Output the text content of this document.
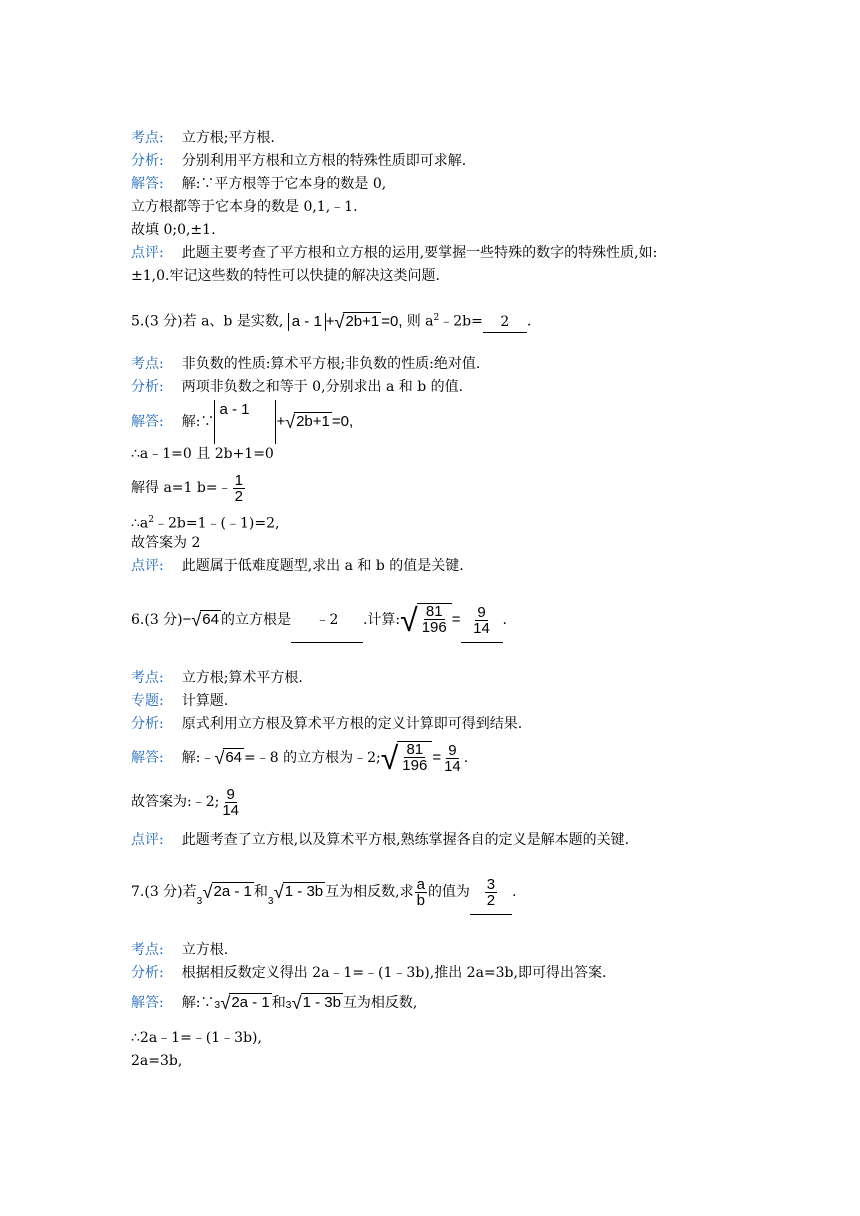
考点: 立方根;平方根.
分析: 分别利用平方根和立方根的特殊性质即可求解.
解答: 解:∵平方根等于它本身的数是 0,
立方根都等于它本身的数是 0,1,﹣1.
故填 0;0,±1.
点评: 此题主要考查了平方根和立方根的运用,要掌握一些特殊的数字的特殊性质,如:
±1,0.牢记这些数的特性可以快捷的解决这类问题.
5.(3 分)若 a、b 是实数, a - 1 + √ 2b+1 =0, 则 $a^2﹣2b= 2$ .
考点: 非负数的性质:算术平方根;非负数的性质:绝对值.
分析: 两项非负数之和等于 0,分别求出 a 和 b 的值.
解答: 解:∵
a - 1
+ √ 2b+1 =0,
∴a﹣1=0 且 2b+1=0
解得 a=1 b=﹣ $\frac{1}{2}$
$\therefore a^2﹣2b=1﹣(﹣1)=2$,
故答案为 2
点评: 此题属于低难度题型,求出 a 和 b 的值是关键.
6.(3 分)− √ 64 的立方根是 ﹣2 .计算: √ $\frac{81}{196} = \frac{9}{14}$ .
考点: 立方根;算术平方根.
专题: 计算题.
分析: 原式利用立方根及算术平方根的定义计算即可得到结果.
解答: 解:﹣ √ 64 =﹣8 的立方根为﹣2; √ $\frac{81}{196} = \frac{9}{14}$ .
故答案为:﹣2; $\frac{9}{14}$
点评: 此题考查了立方根,以及算术平方根,熟练掌握各自的定义是解本题的关键.
7.(3 分)若
3 √ 2a - 1 和
3 √ 1 - 3b 互为相反数,求 $\frac{a}{b}$ 的值为 $\frac{3}{2}$ .
考点: 立方根.
分析: 根据相反数定义得出 2a﹣1=﹣(1﹣3b),推出 2a=3b,即可得出答案.
解答: 解:∵ 3 √ 2a - 1 和 3 √ 1 - 3b 互为相反数,
∴2a﹣1=﹣(1﹣3b),
2a=3b,
